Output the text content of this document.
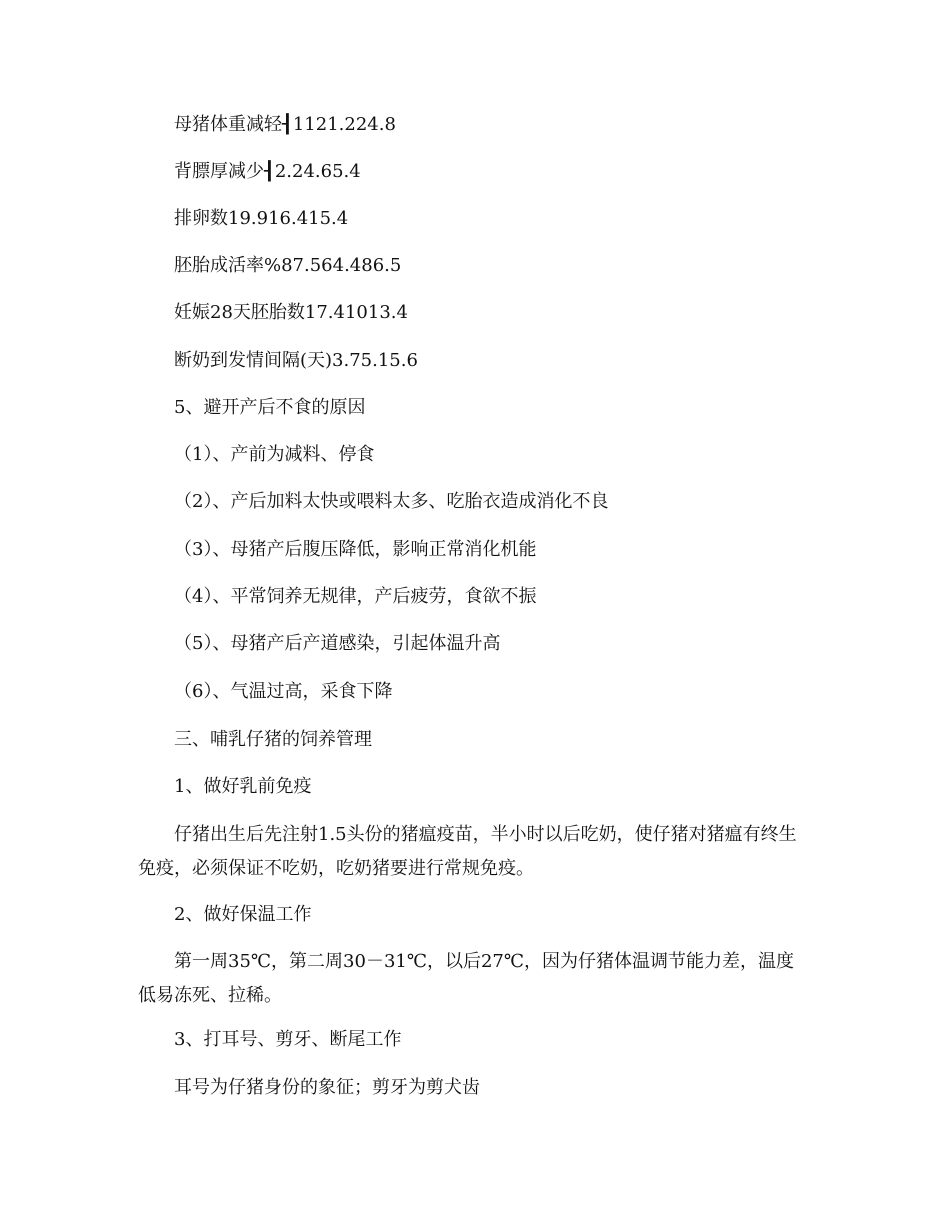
母猪体重减轻┨1121.224.8
背膘厚减少┨2.24.65.4
排卵数19.916.415.4
胚胎成活率%87.564.486.5
妊娠28天胚胎数17.41013.4
断奶到发情间隔(天)3.75.15.6
5、避开产后不食的原因
（1）、产前为减料、停食
（2）、产后加料太快或喂料太多、吃胎衣造成消化不良
（3）、母猪产后腹压降低，影响正常消化机能
（4）、平常饲养无规律，产后疲劳，食欲不振
（5）、母猪产后产道感染，引起体温升高
（6）、气温过高，采食下降
三、哺乳仔猪的饲养管理
1、做好乳前免疫
仔猪出生后先注射1.5头份的猪瘟疫苗，半小时以后吃奶，使仔猪对猪瘟有终生免疫，必须保证不吃奶，吃奶猪要进行常规免疫。
2、做好保温工作
第一周35℃，第二周30－31℃，以后27℃，因为仔猪体温调节能力差，温度低易冻死、拉稀。
3、打耳号、剪牙、断尾工作
耳号为仔猪身份的象征；剪牙为剪犬齿
